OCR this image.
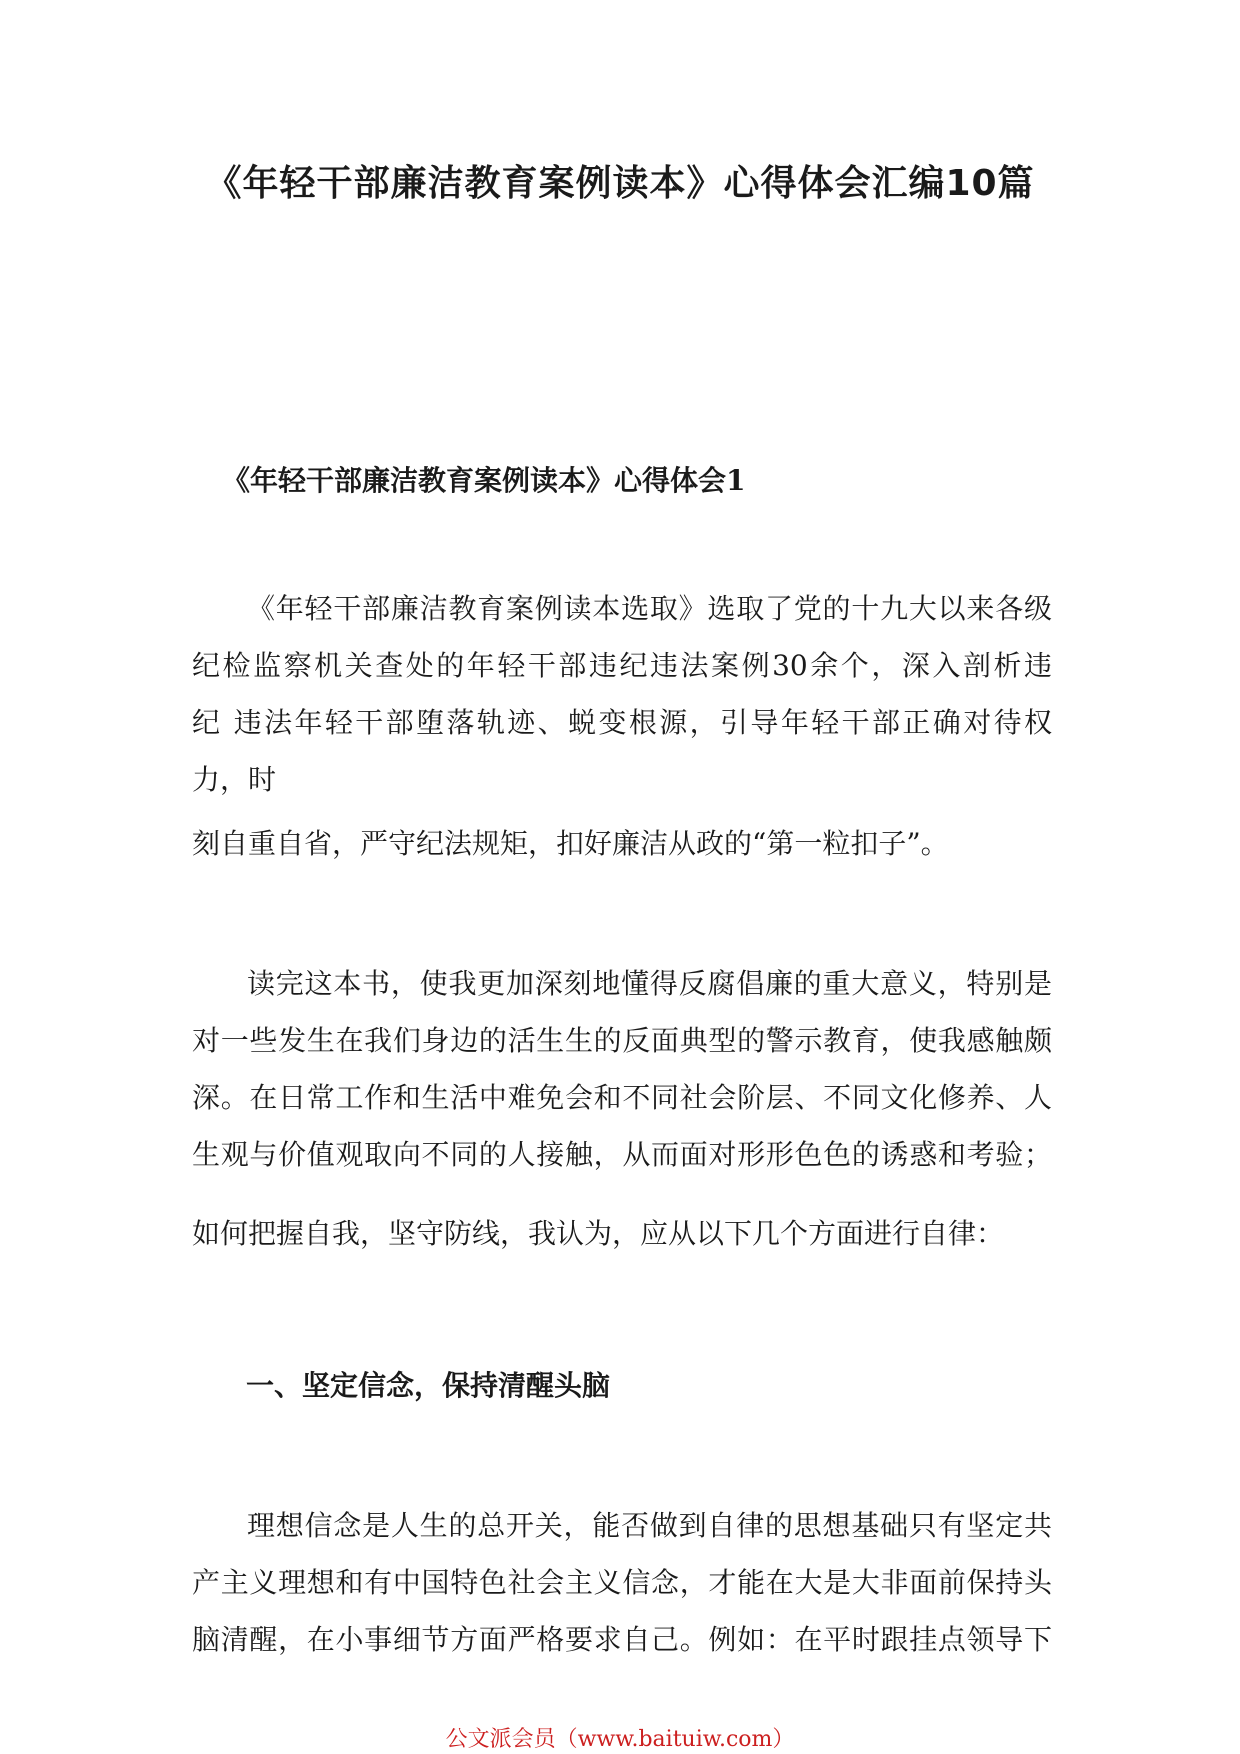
《年轻干部廉洁教育案例读本》心得体会汇编10篇
《年轻干部廉洁教育案例读本》心得体会1
《年轻干部廉洁教育案例读本选取》选取了党的十九大以来各级
纪检监察机关查处的年轻干部违纪违法案例30余个，深入剖析违
纪 违法年轻干部堕落轨迹、蜕变根源，引导年轻干部正确对待权
力，时
刻自重自省，严守纪法规矩，扣好廉洁从政的“第一粒扣子”。
读完这本书，使我更加深刻地懂得反腐倡廉的重大意义，特别是
对一些发生在我们身边的活生生的反面典型的警示教育，使我感触颇
深。在日常工作和生活中难免会和不同社会阶层、不同文化修养、人
生观与价值观取向不同的人接触，从而面对形形色色的诱惑和考验；
如何把握自我，坚守防线，我认为，应从以下几个方面进行自律：
一、坚定信念，保持清醒头脑
理想信念是人生的总开关，能否做到自律的思想基础只有坚定共
产主义理想和有中国特色社会主义信念，才能在大是大非面前保持头
脑清醒，在小事细节方面严格要求自己。例如：在平时跟挂点领导下

公文派会员（www.baituiw.com）
